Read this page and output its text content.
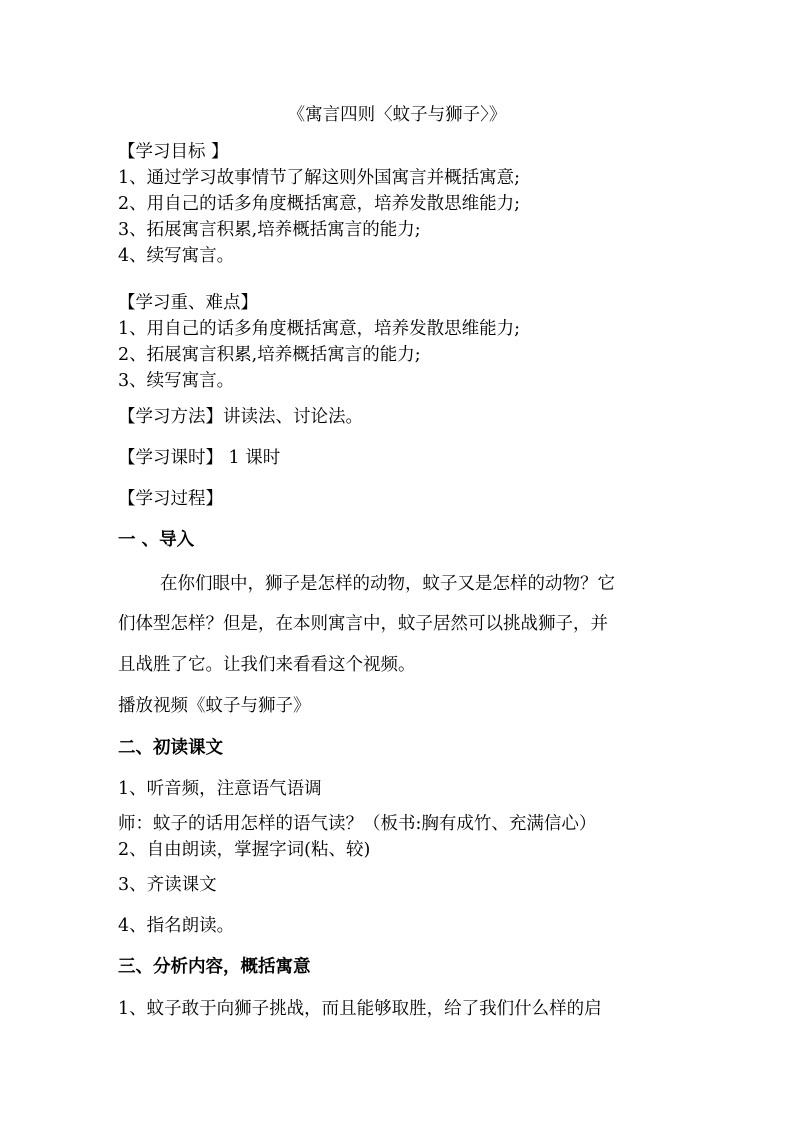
《寓言四则〈蚊子与狮子〉》
【学习目标 】
1、通过学习故事情节了解这则外国寓言并概括寓意;
2、用自己的话多角度概括寓意，培养发散思维能力;
3、拓展寓言积累,培养概括寓言的能力;
4、续写寓言。
【学习重、难点】
1、用自己的话多角度概括寓意，培养发散思维能力;
2、拓展寓言积累,培养概括寓言的能力;
3、续写寓言。
【学习方法】讲读法、讨论法。
【学习课时】 1 课时
【学习过程】
一 、导入
在你们眼中，狮子是怎样的动物，蚊子又是怎样的动物？它
们体型怎样？但是，在本则寓言中，蚊子居然可以挑战狮子，并
且战胜了它。让我们来看看这个视频。
播放视频《蚊子与狮子》
二、初读课文
1、听音频，注意语气语调
师：蚊子的话用怎样的语气读？（板书:胸有成竹、充满信心）
2、自由朗读，掌握字词(粘、较)
3、齐读课文
4、指名朗读。
三、分析内容，概括寓意
1、蚊子敢于向狮子挑战，而且能够取胜，给了我们什么样的启
